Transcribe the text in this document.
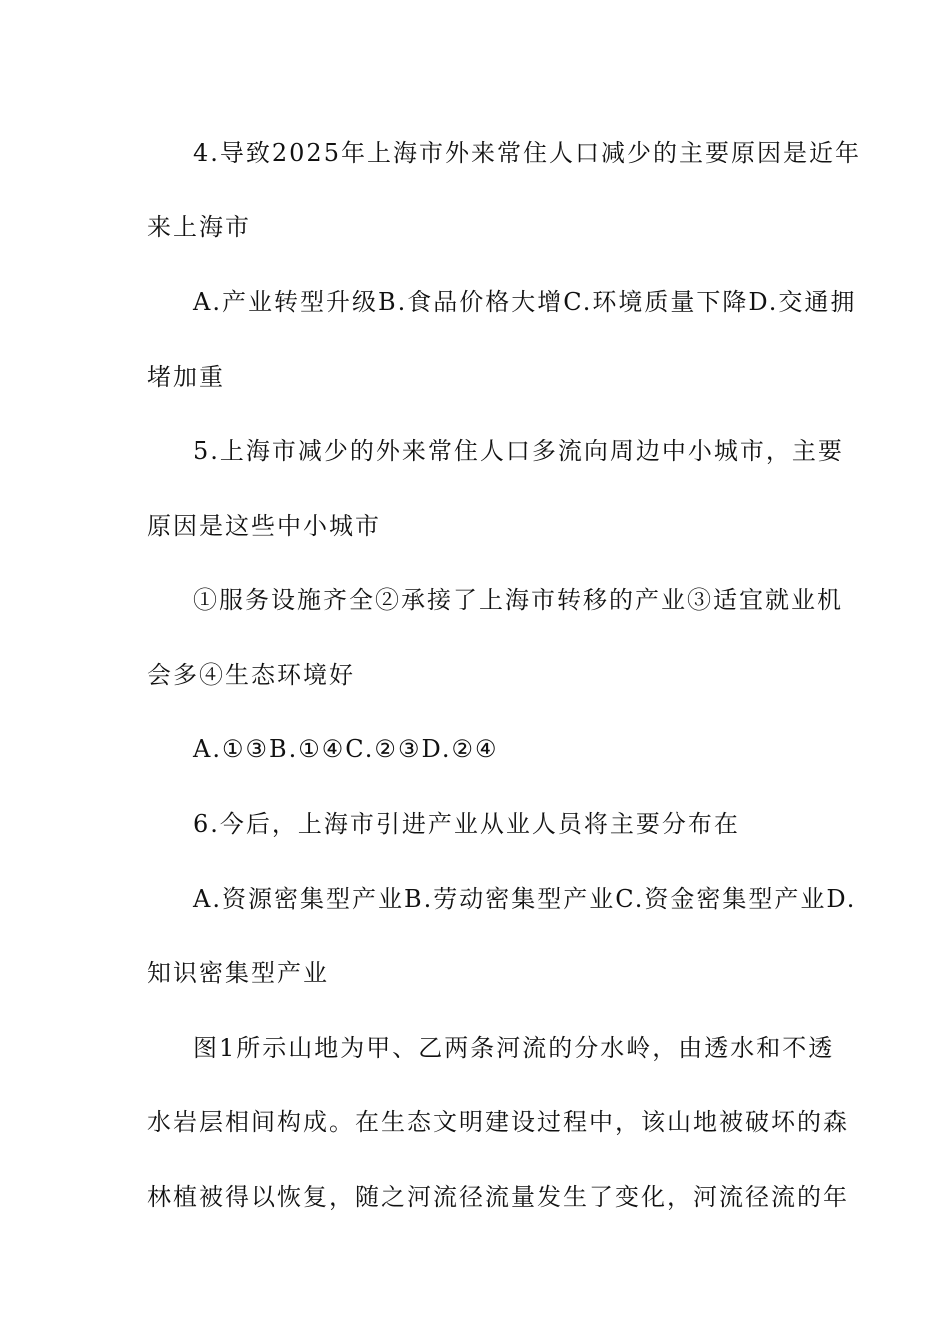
4.导致2025年上海市外来常住人口减少的主要原因是近年
来上海市
A.产业转型升级B.食品价格大增C.环境质量下降D.交通拥
堵加重
5.上海市减少的外来常住人口多流向周边中小城市，主要
原因是这些中小城市
①服务设施齐全②承接了上海市转移的产业③适宜就业机
会多④生态环境好
A.①③B.①④C.②③D.②④
6.今后，上海市引进产业从业人员将主要分布在
A.资源密集型产业B.劳动密集型产业C.资金密集型产业D.
知识密集型产业
图1所示山地为甲、乙两条河流的分水岭，由透水和不透
水岩层相间构成。在生态文明建设过程中，该山地被破坏的森
林植被得以恢复，随之河流径流量发生了变化，河流径流的年
